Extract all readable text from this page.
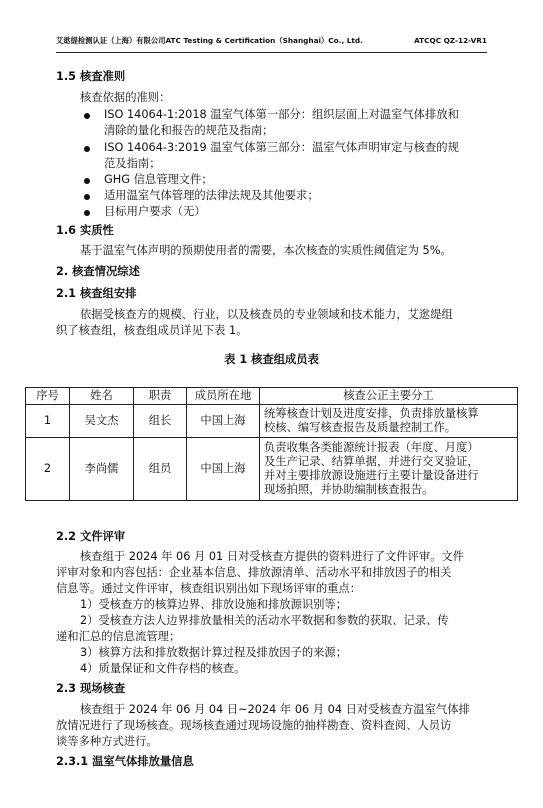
艾逖缇检测认证（上海）有限公司ATC Testing & Certification（Shanghai）Co., Ltd.	ATCQC QZ-12-VR1
1.5 核查准则
核查依据的准则：
ISO 14064-1:2018 温室气体第一部分：组织层面上对温室气体排放和
清除的量化和报告的规范及指南；
ISO 14064-3:2019 温室气体第三部分：温室气体声明审定与核查的规
范及指南；
GHG 信息管理文件；
适用温室气体管理的法律法规及其他要求；
目标用户要求（无）
1.6 实质性
基于温室气体声明的预期使用者的需要，本次核查的实质性阈值定为 5%。
2. 核查情况综述
2.1 核查组安排
依据受核查方的规模、行业，以及核查员的专业领域和技术能力，艾逖缇组
织了核查组，核查组成员详见下表 1。
表 1 核查组成员表
序号	姓名	职责	成员所在地	核查公正主要分工
1	吴文杰	组长	中国上海	统筹核查计划及进度安排，负责排放量核算
校核、编写核查报告及质量控制工作。

2	李尚儒	组员	中国上海	负责收集各类能源统计报表（年度、月度）
及生产记录、结算单据，并进行交叉验证，
并对主要排放源设施进行主要计量设备进行
现场拍照，并协助编制核查报告。
2.2 文件评审
核查组于 2024 年 06 月 01 日对受核查方提供的资料进行了文件评审。文件
评审对象和内容包括：企业基本信息、排放源清单、活动水平和排放因子的相关
信息等。通过文件评审，核查组识别出如下现场评审的重点：
1）受核查方的核算边界、排放设施和排放源识别等；
2）受核查方法人边界排放量相关的活动水平数据和参数的获取、记录、传
递和汇总的信息流管理；
3）核算方法和排放数据计算过程及排放因子的来源；
4）质量保证和文件存档的核查。
2.3 现场核查
核查组于 2024 年 06 月 04 日~2024 年 06 月 04 日对受核查方温室气体排
放情况进行了现场核查。现场核查通过现场设施的抽样勘查、资料查阅、人员访
谈等多种方式进行。
2.3.1 温室气体排放量信息
